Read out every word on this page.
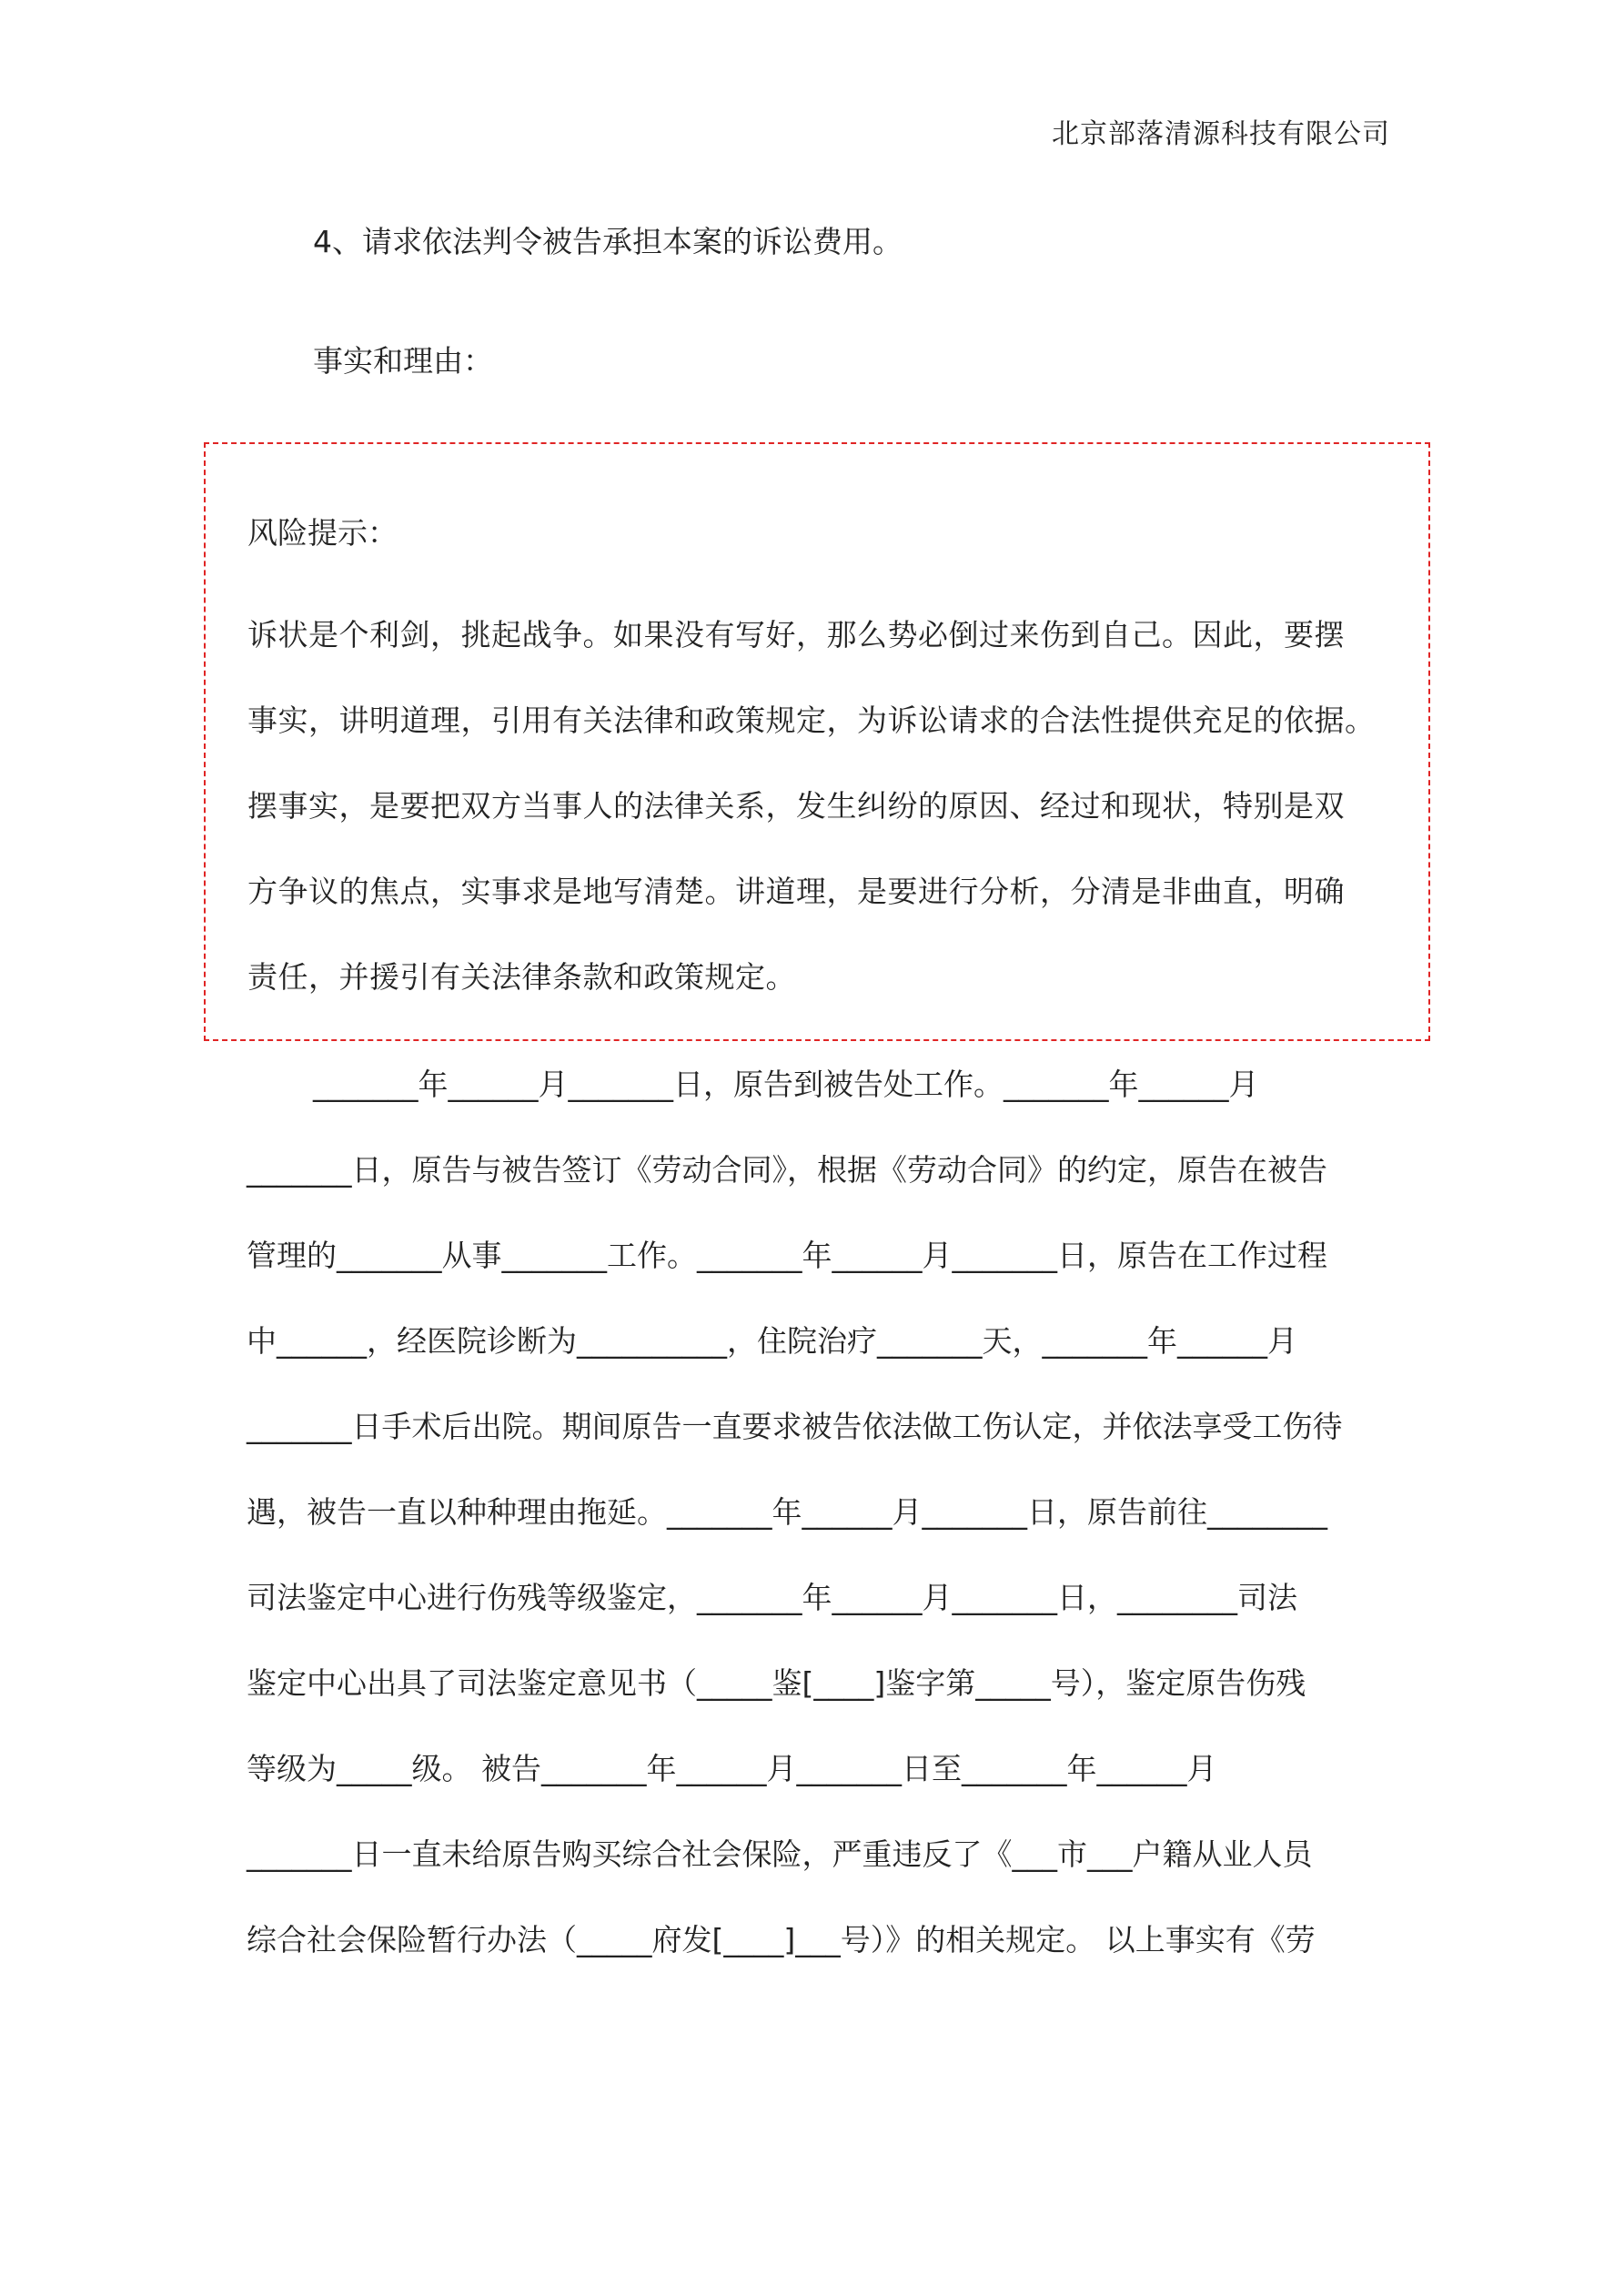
北京部落清源科技有限公司
4、请求依法判令被告承担本案的诉讼费用。
事实和理由：
风险提示：
诉状是个利剑，挑起战争。如果没有写好，那么势必倒过来伤到自己。因此，要摆
事实，讲明道理，引用有关法律和政策规定，为诉讼请求的合法性提供充足的依据。
摆事实，是要把双方当事人的法律关系，发生纠纷的原因、经过和现状，特别是双
方争议的焦点，实事求是地写清楚。讲道理，是要进行分析，分清是非曲直，明确
责任，并援引有关法律条款和政策规定。
_______年______月_______日，原告到被告处工作。_______年______月
_______日，原告与被告签订《劳动合同》，根据《劳动合同》的约定，原告在被告
管理的_______从事_______工作。_______年______月_______日，原告在工作过程
中______，经医院诊断为__________，住院治疗_______天，_______年______月
_______日手术后出院。期间原告一直要求被告依法做工伤认定，并依法享受工伤待
遇，被告一直以种种理由拖延。_______年______月_______日，原告前往________
司法鉴定中心进行伤残等级鉴定，_______年______月_______日，________司法
鉴定中心出具了司法鉴定意见书（_____鉴[____]鉴字第_____号），鉴定原告伤残
等级为_____级。 被告_______年______月_______日至_______年______月
_______日一直未给原告购买综合社会保险，严重违反了《___市___户籍从业人员
综合社会保险暂行办法（_____府发[____]___号）》的相关规定。 以上事实有《劳
